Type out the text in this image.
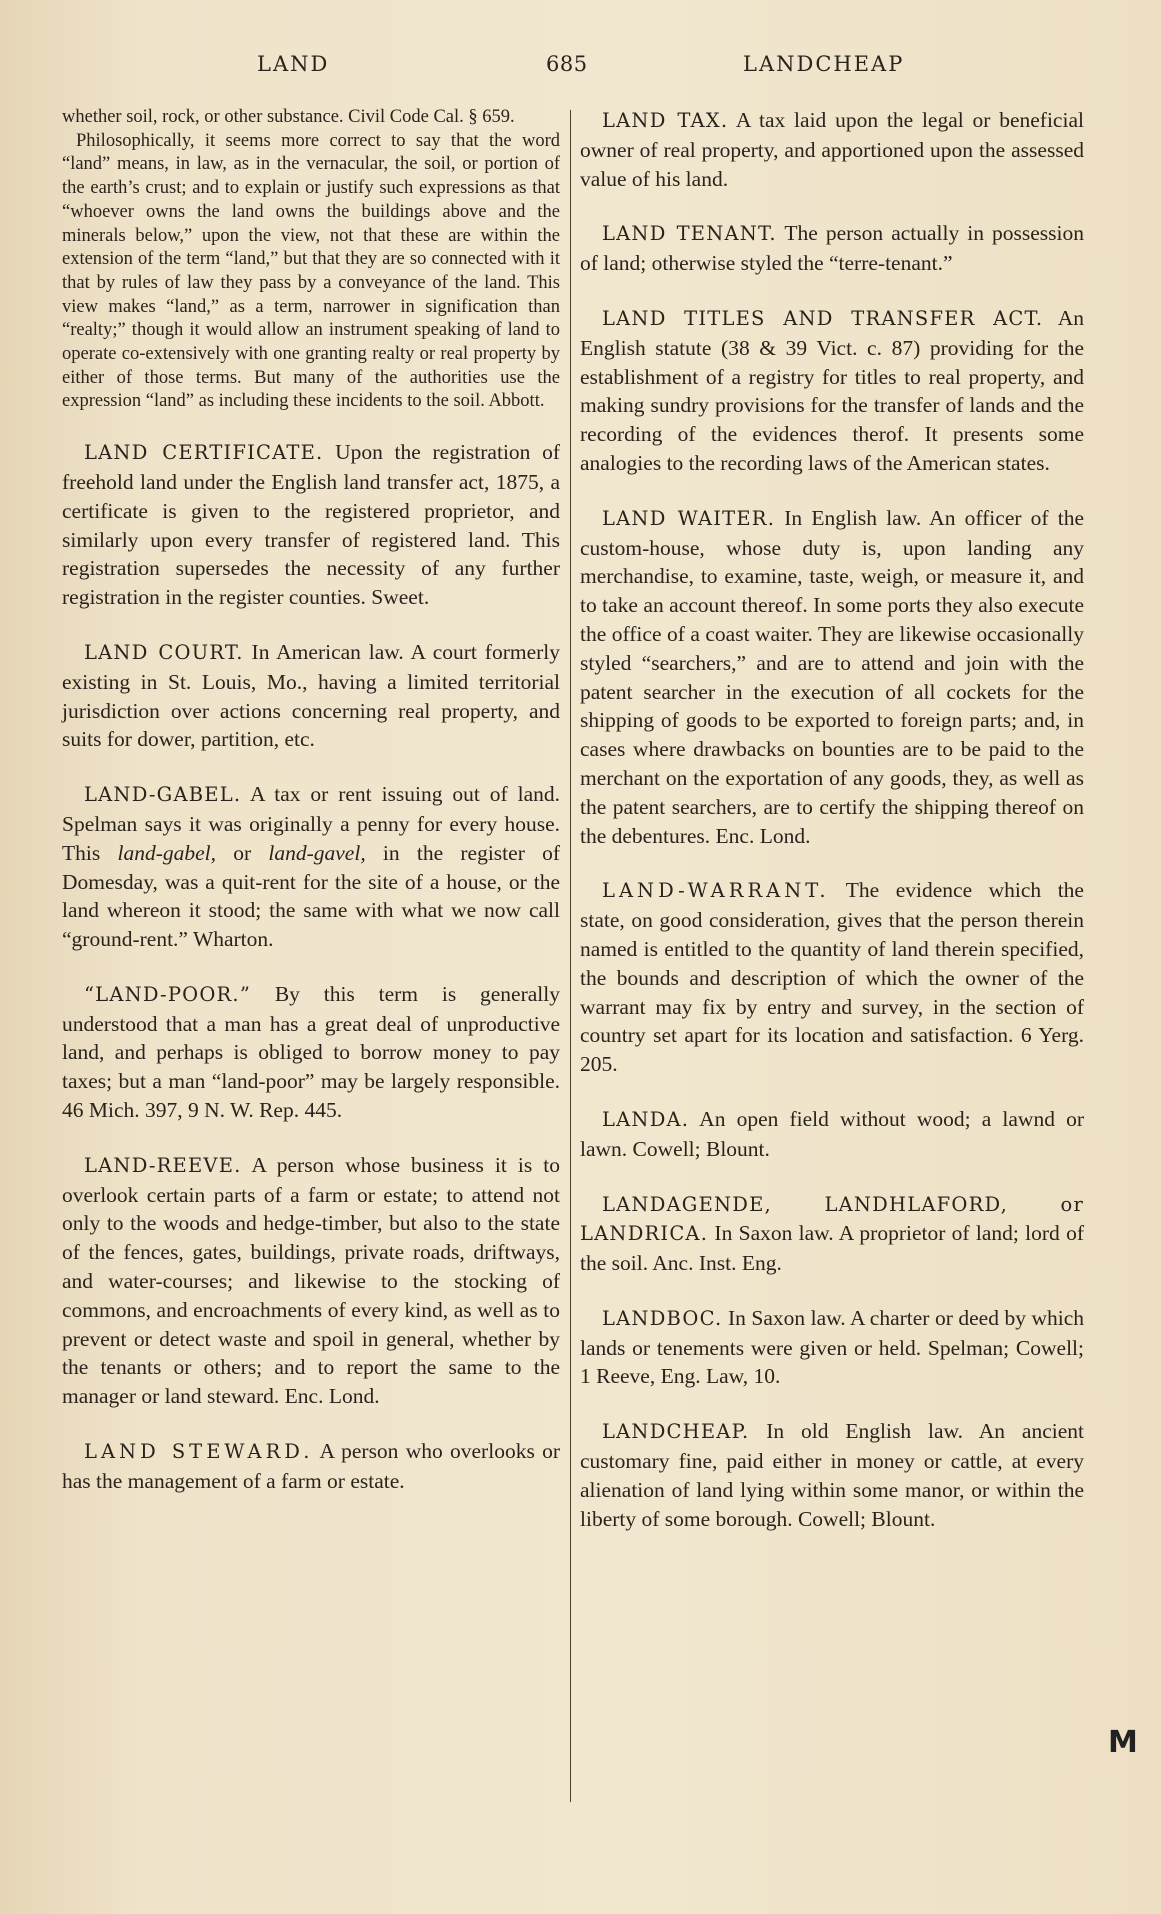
LAND	685	LANDCHEAP

whether soil, rock, or other substance. Civil Code Cal. § 659.

Philosophically, it seems more correct to say that the word “land” means, in law, as in the vernacular, the soil, or portion of the earth’s crust; and to explain or justify such expressions as that “whoever owns the land owns the buildings above and the minerals below,” upon the view, not that these are within the extension of the term “land,” but that they are so connected with it that by rules of law they pass by a conveyance of the land. This view makes “land,” as a term, narrower in signification than “realty;” though it would allow an instrument speaking of land to operate co-extensively with one granting realty or real property by either of those terms. But many of the authorities use the expression “land” as including these incidents to the soil. Abbott.

LAND CERTIFICATE. Upon the registration of freehold land under the English land transfer act, 1875, a certificate is given to the registered proprietor, and similarly upon every transfer of registered land. This registration supersedes the necessity of any further registration in the register counties. Sweet.

LAND COURT. In American law. A court formerly existing in St. Louis, Mo., having a limited territorial jurisdiction over actions concerning real property, and suits for dower, partition, etc.

LAND-GABEL. A tax or rent issuing out of land. Spelman says it was originally a penny for every house. This land-gabel, or land-gavel, in the register of Domesday, was a quit-rent for the site of a house, or the land whereon it stood; the same with what we now call “ground-rent.” Wharton.

“LAND-POOR.” By this term is generally understood that a man has a great deal of unproductive land, and perhaps is obliged to borrow money to pay taxes; but a man “land-poor” may be largely responsible. 46 Mich. 397, 9 N. W. Rep. 445.

LAND-REEVE. A person whose business it is to overlook certain parts of a farm or estate; to attend not only to the woods and hedge-timber, but also to the state of the fences, gates, buildings, private roads, driftways, and water-courses; and likewise to the stocking of commons, and encroachments of every kind, as well as to prevent or detect waste and spoil in general, whether by the tenants or others; and to report the same to the manager or land steward. Enc. Lond.

LAND STEWARD. A person who overlooks or has the management of a farm or estate.

LAND TAX. A tax laid upon the legal or beneficial owner of real property, and apportioned upon the assessed value of his land.

LAND TENANT. The person actually in possession of land; otherwise styled the “terre-tenant.”

LAND TITLES AND TRANSFER ACT. An English statute (38 & 39 Vict. c. 87) providing for the establishment of a registry for titles to real property, and making sundry provisions for the transfer of lands and the recording of the evidences therof. It presents some analogies to the recording laws of the American states.

LAND WAITER. In English law. An officer of the custom-house, whose duty is, upon landing any merchandise, to examine, taste, weigh, or measure it, and to take an account thereof. In some ports they also execute the office of a coast waiter. They are likewise occasionally styled “searchers,” and are to attend and join with the patent searcher in the execution of all cockets for the shipping of goods to be exported to foreign parts; and, in cases where drawbacks on bounties are to be paid to the merchant on the exportation of any goods, they, as well as the patent searchers, are to certify the shipping thereof on the debentures. Enc. Lond.

LAND-WARRANT. The evidence which the state, on good consideration, gives that the person therein named is entitled to the quantity of land therein specified, the bounds and description of which the owner of the warrant may fix by entry and survey, in the section of country set apart for its location and satisfaction. 6 Yerg. 205.

LANDA. An open field without wood; a lawnd or lawn. Cowell; Blount.

LANDAGENDE, LANDHLAFORD, or LANDRICA. In Saxon law. A proprietor of land; lord of the soil. Anc. Inst. Eng.

LANDBOC. In Saxon law. A charter or deed by which lands or tenements were given or held. Spelman; Cowell; 1 Reeve, Eng. Law, 10.

LANDCHEAP. In old English law. An ancient customary fine, paid either in money or cattle, at every alienation of land lying within some manor, or within the liberty of some borough. Cowell; Blount.

M
